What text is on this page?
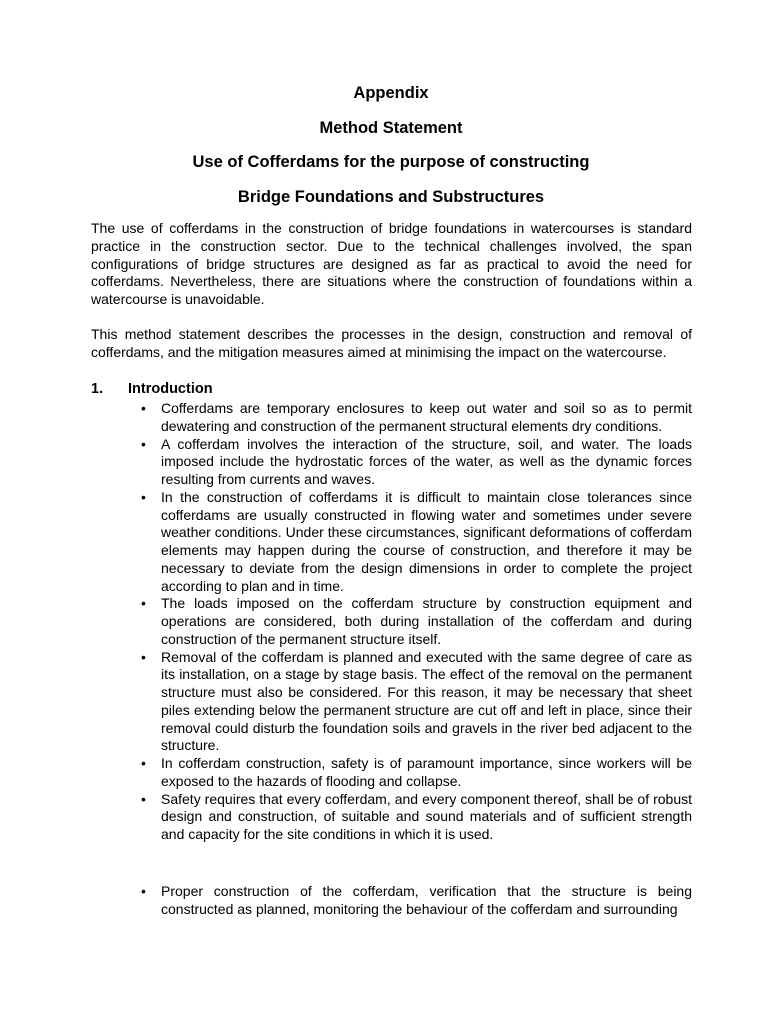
Appendix
Method Statement
Use of Cofferdams for the purpose of constructing
Bridge Foundations and Substructures

The use of cofferdams in the construction of bridge foundations in watercourses is standard practice in the construction sector. Due to the technical challenges involved, the span configurations of bridge structures are designed as far as practical to avoid the need for cofferdams. Nevertheless, there are situations where the construction of foundations within a watercourse is unavoidable.

This method statement describes the processes in the design, construction and removal of cofferdams, and the mitigation measures aimed at minimising the impact on the watercourse.

1. Introduction
• Cofferdams are temporary enclosures to keep out water and soil so as to permit dewatering and construction of the permanent structural elements dry conditions.
• A cofferdam involves the interaction of the structure, soil, and water. The loads imposed include the hydrostatic forces of the water, as well as the dynamic forces resulting from currents and waves.
• In the construction of cofferdams it is difficult to maintain close tolerances since cofferdams are usually constructed in flowing water and sometimes under severe weather conditions. Under these circumstances, significant deformations of cofferdam elements may happen during the course of construction, and therefore it may be necessary to deviate from the design dimensions in order to complete the project according to plan and in time.
• The loads imposed on the cofferdam structure by construction equipment and operations are considered, both during installation of the cofferdam and during construction of the permanent structure itself.
• Removal of the cofferdam is planned and executed with the same degree of care as its installation, on a stage by stage basis. The effect of the removal on the permanent structure must also be considered. For this reason, it may be necessary that sheet piles extending below the permanent structure are cut off and left in place, since their removal could disturb the foundation soils and gravels in the river bed adjacent to the structure.
• In cofferdam construction, safety is of paramount importance, since workers will be exposed to the hazards of flooding and collapse.
• Safety requires that every cofferdam, and every component thereof, shall be of robust design and construction, of suitable and sound materials and of sufficient strength and capacity for the site conditions in which it is used.
• Proper construction of the cofferdam, verification that the structure is being constructed as planned, monitoring the behaviour of the cofferdam and surrounding
